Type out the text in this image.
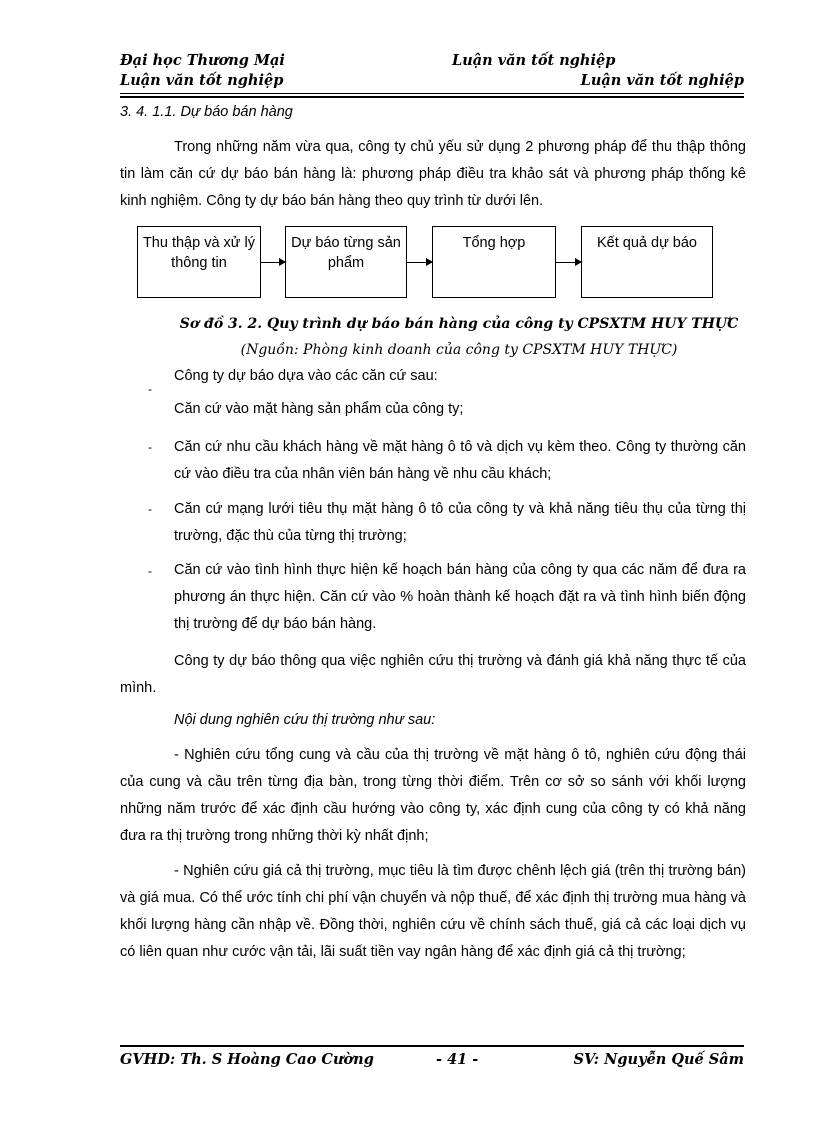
Đại học Thương Mại	Luận văn tốt nghiệp
Luận văn tốt nghiệp	Luận văn tốt nghiệp
3. 4. 1.1. Dự báo bán hàng
Trong những năm vừa qua, công ty chủ yếu sử dụng 2 phương pháp để thu thập thông tin làm căn cứ dự báo bán hàng là: phương pháp điều tra khảo sát và phương pháp thống kê kinh nghiệm. Công ty dự báo bán hàng theo quy trình từ dưới lên.
Thu thập và xử lý thông tin
Dự báo từng sản phẩm
Tổng hợp	Kết quả dự báo
Sơ đồ 3. 2. Quy trình dự báo bán hàng của công ty CPSXTM HUY THỰC
(Nguồn: Phòng kinh doanh của công ty CPSXTM HUY THỰC)
Công ty dự báo dựa vào các căn cứ sau:
-
Căn cứ vào mặt hàng sản phẩm của công ty;
- Căn cứ nhu cầu khách hàng về mặt hàng ô tô và dịch vụ kèm theo. Công ty thường căn cứ vào điều tra của nhân viên bán hàng về nhu cầu khách;
- Căn cứ mạng lưới tiêu thụ mặt hàng ô tô của công ty và khả năng tiêu thụ của từng thị trường, đặc thù của từng thị trường;
- Căn cứ vào tình hình thực hiện kế hoạch bán hàng của công ty qua các năm để đưa ra phương án thực hiện. Căn cứ vào % hoàn thành kế hoạch đặt ra và tình hình biến động thị trường để dự báo bán hàng.
Công ty dự báo thông qua việc nghiên cứu thị trường và đánh giá khả năng thực tế của mình.
Nội dung nghiên cứu thị trường như sau:
- Nghiên cứu tổng cung và cầu của thị trường về mặt hàng ô tô, nghiên cứu động thái của cung và cầu trên từng địa bàn, trong từng thời điểm. Trên cơ sở so sánh với khối lượng những năm trước để xác định cầu hướng vào công ty, xác định cung của công ty có khả năng đưa ra thị trường trong những thời kỳ nhất định;
- Nghiên cứu giá cả thị trường, mục tiêu là tìm được chênh lệch giá (trên thị trường bán) và giá mua. Có thể ước tính chi phí vận chuyển và nộp thuế, để xác định thị trường mua hàng và khối lượng hàng cần nhập về. Đồng thời, nghiên cứu về chính sách thuế, giá cả các loại dịch vụ có liên quan như cước vận tải, lãi suất tiền vay ngân hàng để xác định giá cả thị trường;
GVHD: Th. S Hoàng Cao Cường	- 41 -	SV: Nguyễn Quế Sâm
